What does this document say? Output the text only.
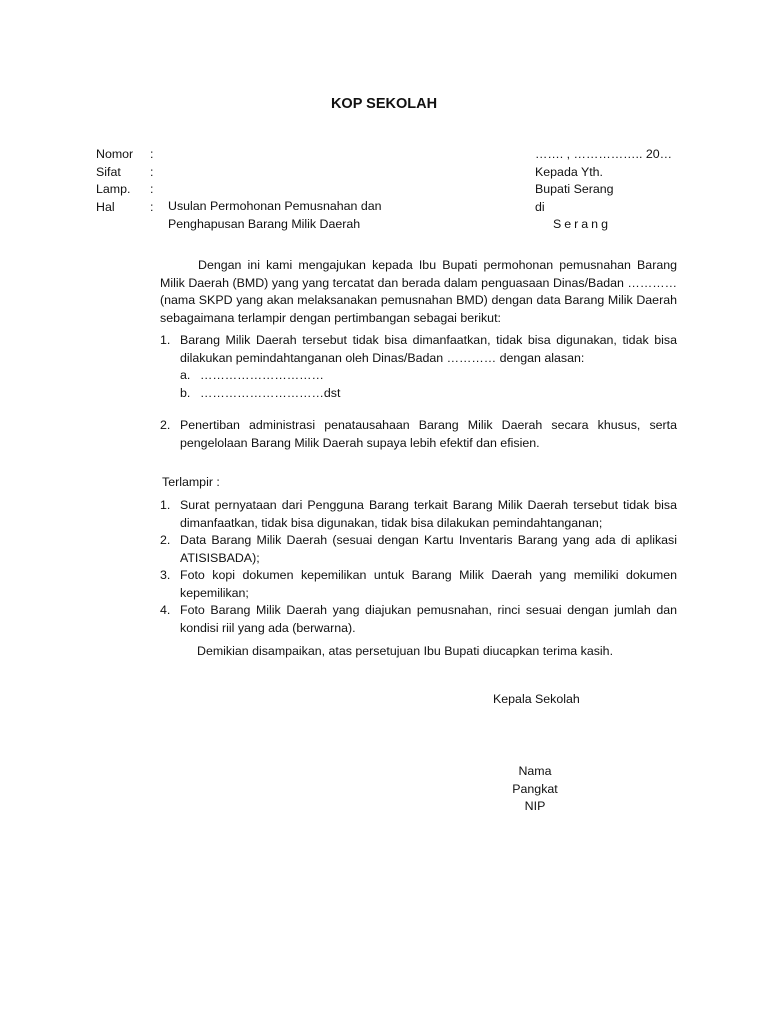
KOP SEKOLAH
Nomor :
Sifat :
Lamp. :
Hal	: Usulan Permohonan Pemusnahan dan
Penghapusan Barang Milik Daerah
……. , …………….. 20…
Kepada Yth.
Bupati Serang
di
Serang
Dengan ini kami mengajukan kepada Ibu Bupati permohonan pemusnahan Barang Milik Daerah (BMD) yang yang tercatat dan berada dalam penguasaan Dinas/Badan ………… (nama SKPD yang akan melaksanakan pemusnahan BMD) dengan data Barang Milik Daerah sebagaimana terlampir dengan pertimbangan sebagai berikut:
1. Barang Milik Daerah tersebut tidak bisa dimanfaatkan, tidak bisa digunakan, tidak bisa dilakukan pemindahtanganan oleh Dinas/Badan ………… dengan alasan:
a. …………………………
b. …………………………dst
2. Penertiban administrasi penatausahaan Barang Milik Daerah secara khusus, serta pengelolaan Barang Milik Daerah supaya lebih efektif dan efisien.
Terlampir :
1. Surat pernyataan dari Pengguna Barang terkait Barang Milik Daerah tersebut tidak bisa dimanfaatkan, tidak bisa digunakan, tidak bisa dilakukan pemindahtanganan;
2. Data Barang Milik Daerah (sesuai dengan Kartu Inventaris Barang yang ada di aplikasi ATISISBADA);
3. Foto kopi dokumen kepemilikan untuk Barang Milik Daerah yang memiliki dokumen kepemilikan;
4. Foto Barang Milik Daerah yang diajukan pemusnahan, rinci sesuai dengan jumlah dan kondisi riil yang ada (berwarna).
Demikian disampaikan, atas persetujuan Ibu Bupati diucapkan terima kasih.
Kepala Sekolah
Nama
Pangkat
NIP
